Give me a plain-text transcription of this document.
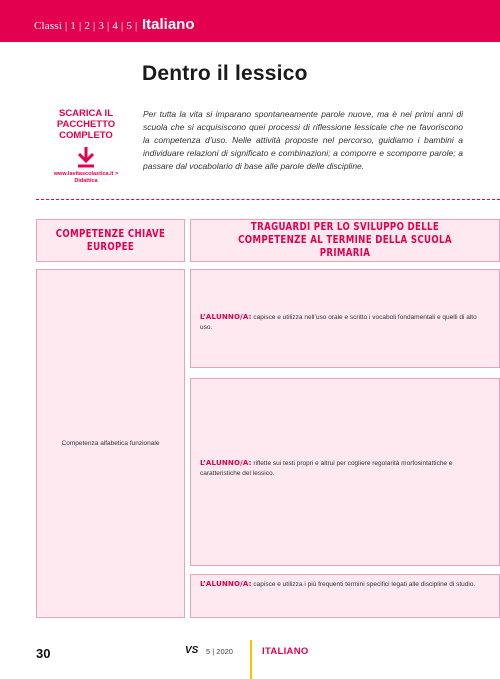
Classi | 1 | 2 | 3 | 4 | 5 | Italiano
Dentro il lessico
SCARICA IL PACCHETTO COMPLETO
www.lavitascolastica.it >
Didattica

Per tutta la vita si imparano spontaneamente parole nuove, ma è nei primi anni di scuola che si acquisiscono quei processi di riflessione lessicale che ne favoriscono la competenza d’uso. Nelle attività proposte nel percorso, guidiamo i bambini a individuare relazioni di significato e combinazioni; a comporre e scomporre parole; a passare dal vocabolario di base alle parole delle discipline.

COMPETENZE CHIAVE EUROPEE
TRAGUARDI PER LO SVILUPPO DELLE COMPETENZE AL TERMINE DELLA SCUOLA PRIMARIA
Competenza alfabetica funzionale
L’ALUNNO/A: capisce e utilizza nell’uso orale e scritto i vocaboli fondamentali e quelli di alto uso.
L’ALUNNO/A: riflette sui testi propri e altrui per cogliere regolarità morfosintattiche e caratteristiche del lessico.
L’ALUNNO/A: capisce e utilizza i più frequenti termini specifici legati alle discipline di studio.
30	VS 5 | 2020	ITALIANO
